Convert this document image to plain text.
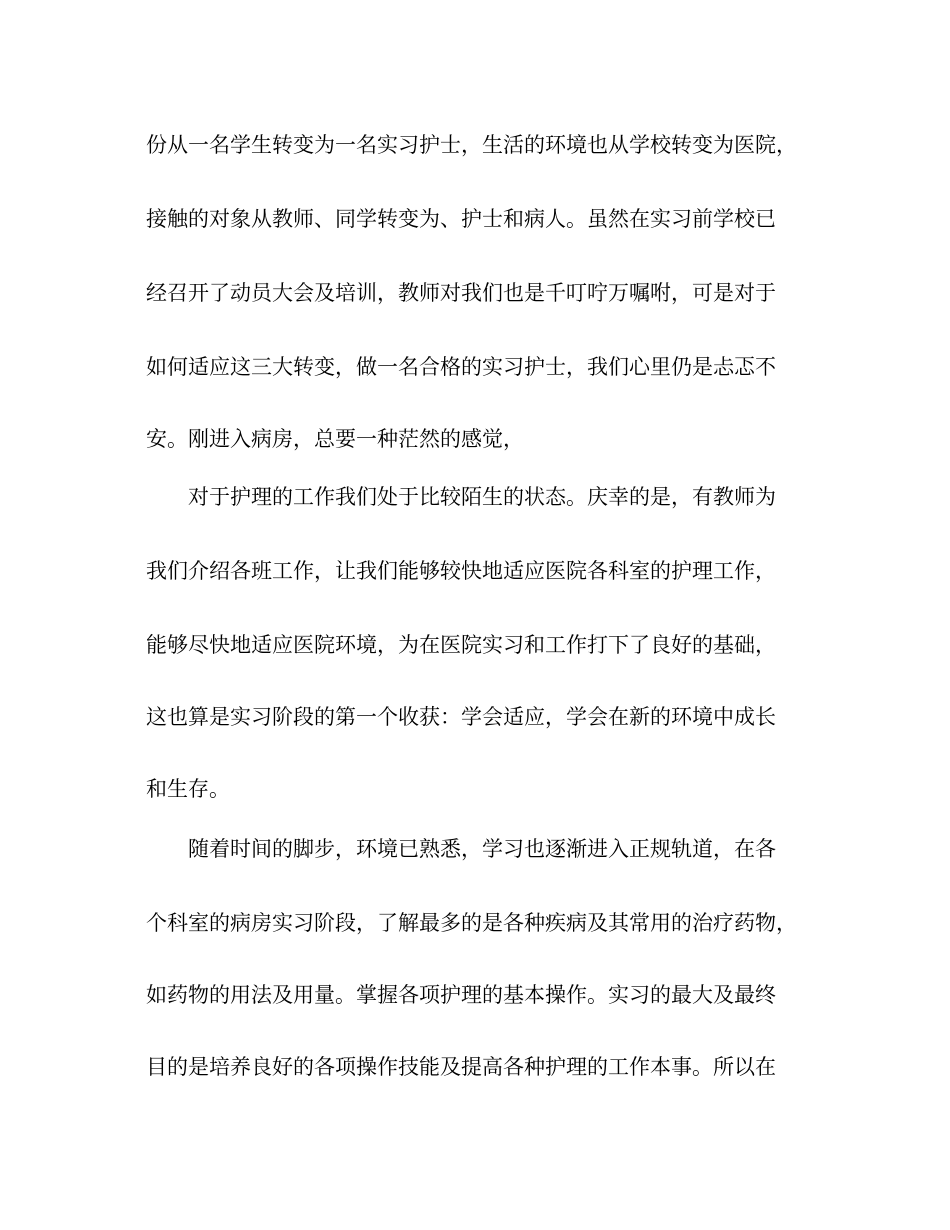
份从一名学生转变为一名实习护士，生活的环境也从学校转变为医院，
接触的对象从教师、同学转变为、护士和病人。虽然在实习前学校已
经召开了动员大会及培训，教师对我们也是千叮咛万嘱咐，可是对于
如何适应这三大转变，做一名合格的实习护士，我们心里仍是忐忑不
安。刚进入病房，总要一种茫然的感觉，
对于护理的工作我们处于比较陌生的状态。庆幸的是，有教师为
我们介绍各班工作，让我们能够较快地适应医院各科室的护理工作，
能够尽快地适应医院环境，为在医院实习和工作打下了良好的基础，
这也算是实习阶段的第一个收获：学会适应，学会在新的环境中成长
和生存。
随着时间的脚步，环境已熟悉，学习也逐渐进入正规轨道，在各
个科室的病房实习阶段，了解最多的是各种疾病及其常用的治疗药物，
如药物的用法及用量。掌握各项护理的基本操作。实习的最大及最终
目的是培养良好的各项操作技能及提高各种护理的工作本事。所以在
